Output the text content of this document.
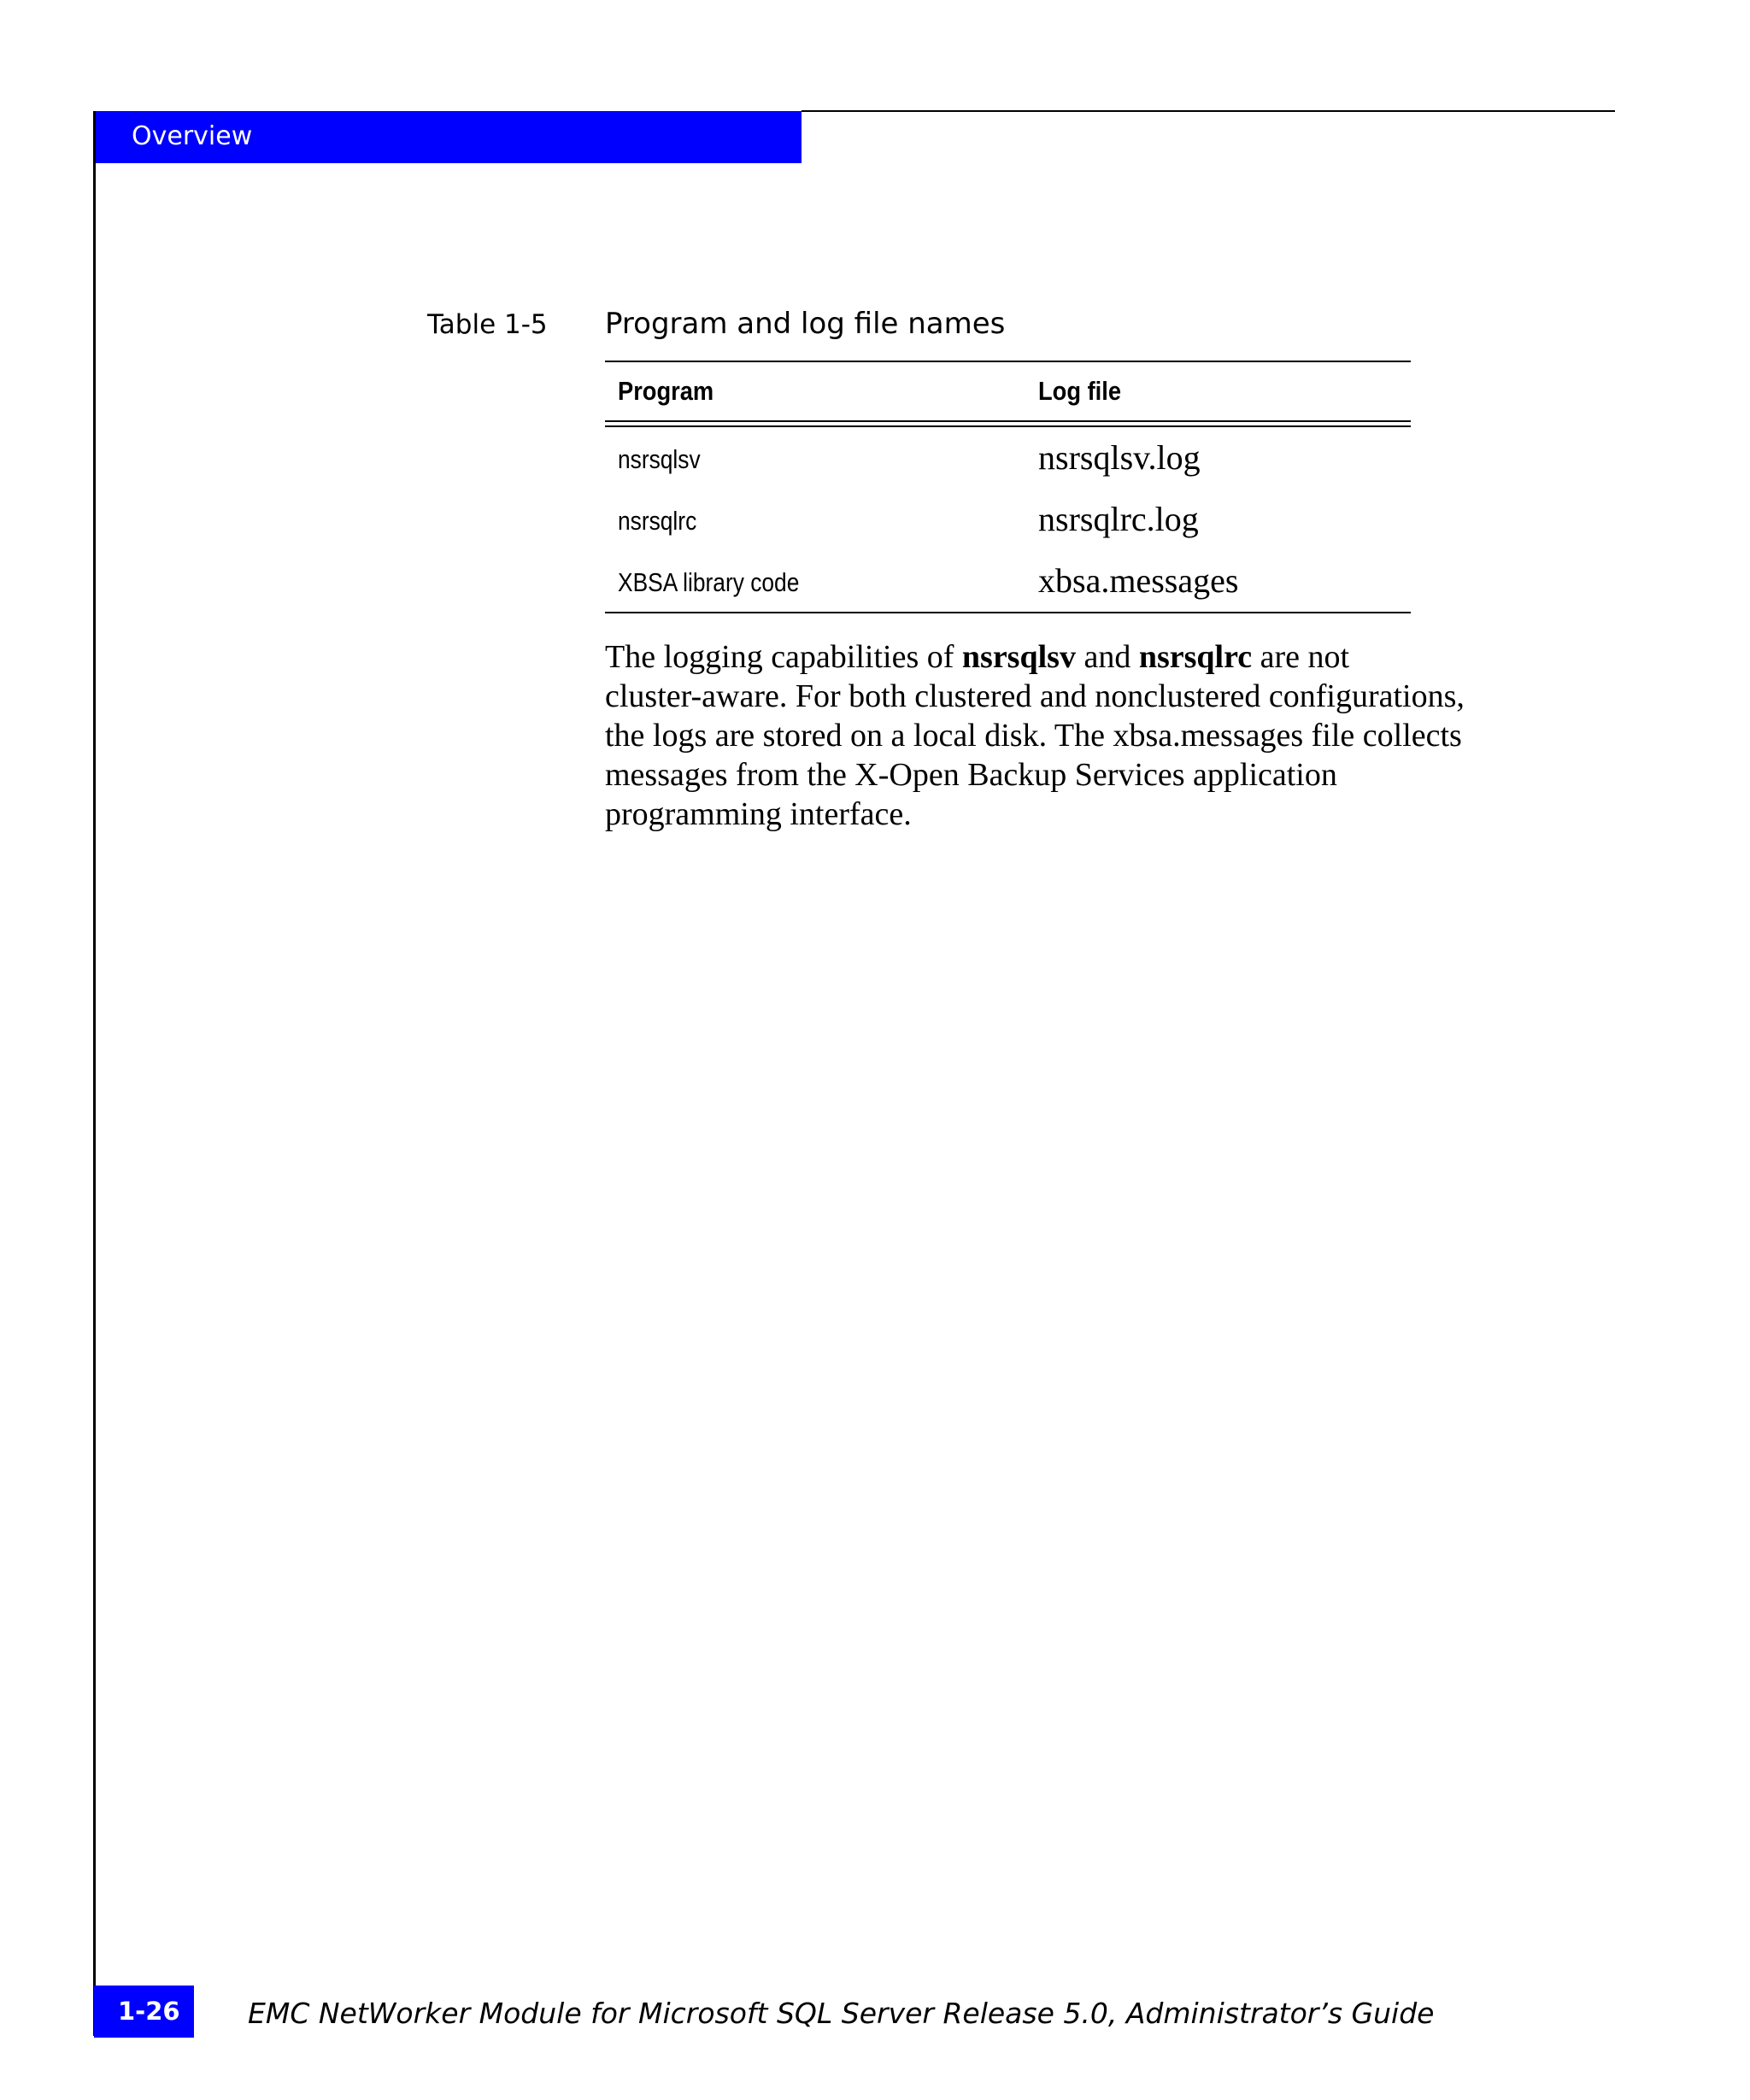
Overview
Table 1-5 Program and log file names
Program	Log file
nsrsqlsv	nsrsqlsv.log
nsrsqlrc	nsrsqlrc.log
XBSA library code	xbsa.messages

The logging capabilities of nsrsqlsv and nsrsqlrc are not

cluster-aware. For both clustered and nonclustered configurations,

the logs are stored on a local disk. The xbsa.messages file collects

messages from the X-Open Backup Services application

programming interface.

1-26 EMC NetWorker Module for Microsoft SQL Server Release 5.0, Administrator’s Guide
